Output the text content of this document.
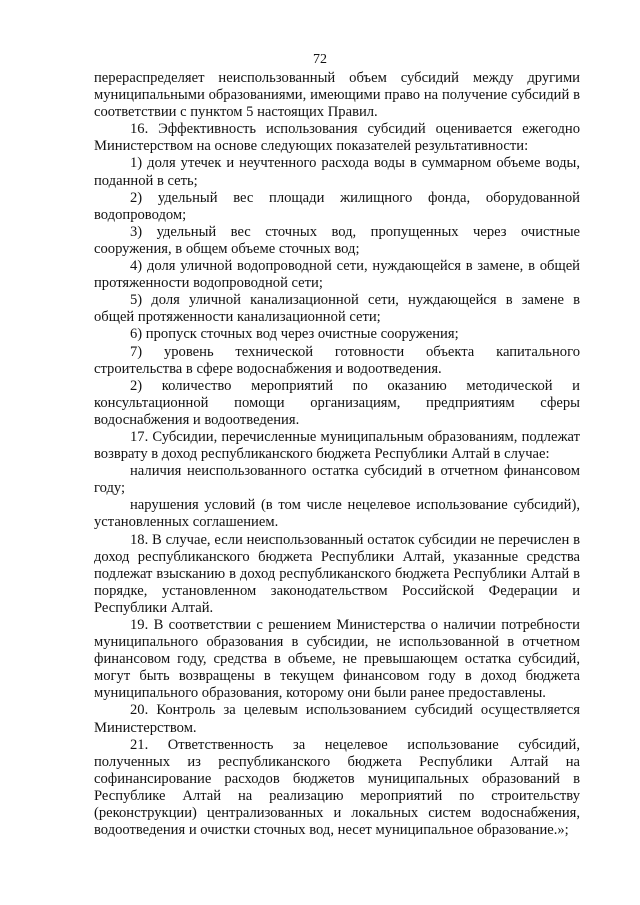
72

перераспределяет неиспользованный объем субсидий между другими муниципальными образованиями, имеющими право на получение субсидий в соответствии с пунктом 5 настоящих Правил.

16. Эффективность использования субсидий оценивается ежегодно Министерством на основе следующих показателей результативности:

1) доля утечек и неучтенного расхода воды в суммарном объеме воды, поданной в сеть;

2) удельный вес площади жилищного фонда, оборудованной водопроводом;

3) удельный вес сточных вод, пропущенных через очистные сооружения, в общем объеме сточных вод;

4) доля уличной водопроводной сети, нуждающейся в замене, в общей протяженности водопроводной сети;

5) доля уличной канализационной сети, нуждающейся в замене в общей протяженности канализационной сети;

6) пропуск сточных вод через очистные сооружения;

7) уровень технической готовности объекта капитального строительства в сфере водоснабжения и водоотведения.

2) количество мероприятий по оказанию методической и консультационной помощи организациям, предприятиям сферы водоснабжения и водоотведения.

17. Субсидии, перечисленные муниципальным образованиям, подлежат возврату в доход республиканского бюджета Республики Алтай в случае:

наличия неиспользованного остатка субсидий в отчетном финансовом году;

нарушения условий (в том числе нецелевое использование субсидий), установленных соглашением.

18. В случае, если неиспользованный остаток субсидии не перечислен в доход республиканского бюджета Республики Алтай, указанные средства подлежат взысканию в доход республиканского бюджета Республики Алтай в порядке, установленном законодательством Российской Федерации и Республики Алтай.

19. В соответствии с решением Министерства о наличии потребности муниципального образования в субсидии, не использованной в отчетном финансовом году, средства в объеме, не превышающем остатка субсидий, могут быть возвращены в текущем финансовом году в доход бюджета муниципального образования, которому они были ранее предоставлены.

20. Контроль за целевым использованием субсидий осуществляется Министерством.

21. Ответственность за нецелевое использование субсидий, полученных из республиканского бюджета Республики Алтай на софинансирование расходов бюджетов муниципальных образований в Республике Алтай на реализацию мероприятий по строительству (реконструкции) централизованных и локальных систем водоснабжения, водоотведения и очистки сточных вод, несет муниципальное образование.»;
